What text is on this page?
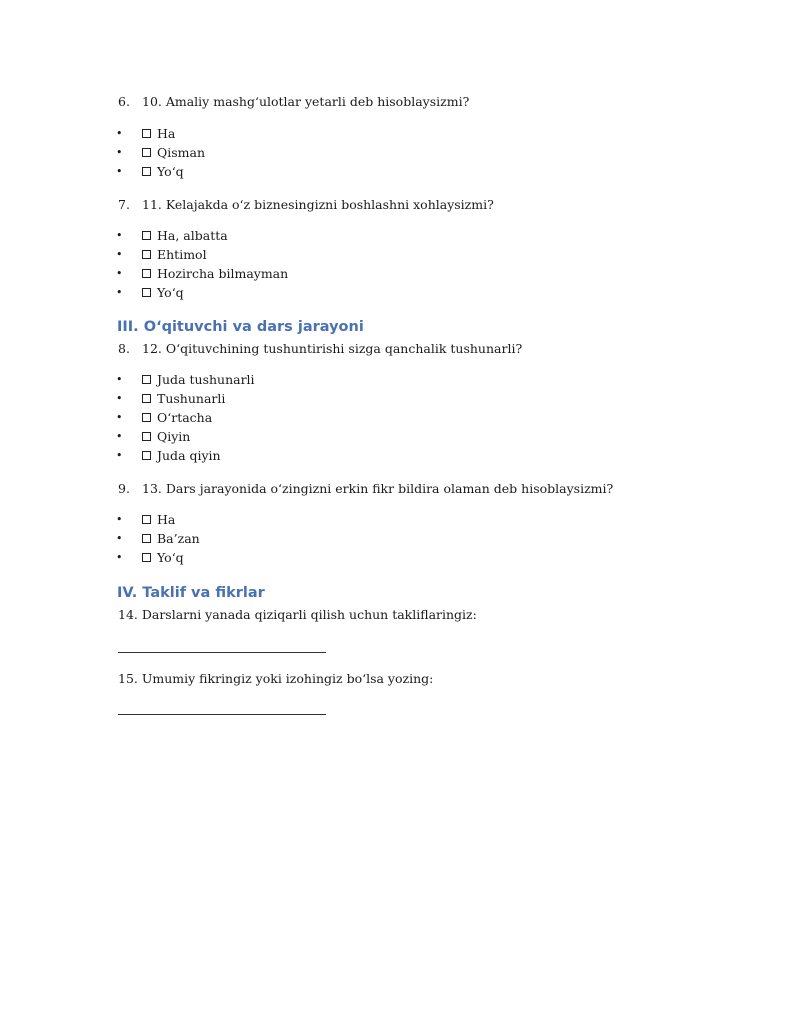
6. 10. Amaliy mashg‘ulotlar yetarli deb hisoblaysizmi?
•	Ha
•	Qisman
•	Yo‘q
7. 11. Kelajakda o‘z biznesingizni boshlashni xohlaysizmi?
•	Ha, albatta
•	Ehtimol
•	Hozircha bilmayman
•	Yo‘q
III. O‘qituvchi va dars jarayoni
8. 12. O‘qituvchining tushuntirishi sizga qanchalik tushunarli?
•	Juda tushunarli
•	Tushunarli
•	O‘rtacha
•	Qiyin
•	Juda qiyin
9. 13. Dars jarayonida o‘zingizni erkin fikr bildira olaman deb hisoblaysizmi?
•	Ha
•	Ba’zan
•	Yo‘q
IV. Taklif va fikrlar
14. Darslarni yanada qiziqarli qilish uchun takliflaringiz:
15. Umumiy fikringiz yoki izohingiz bo‘lsa yozing:
